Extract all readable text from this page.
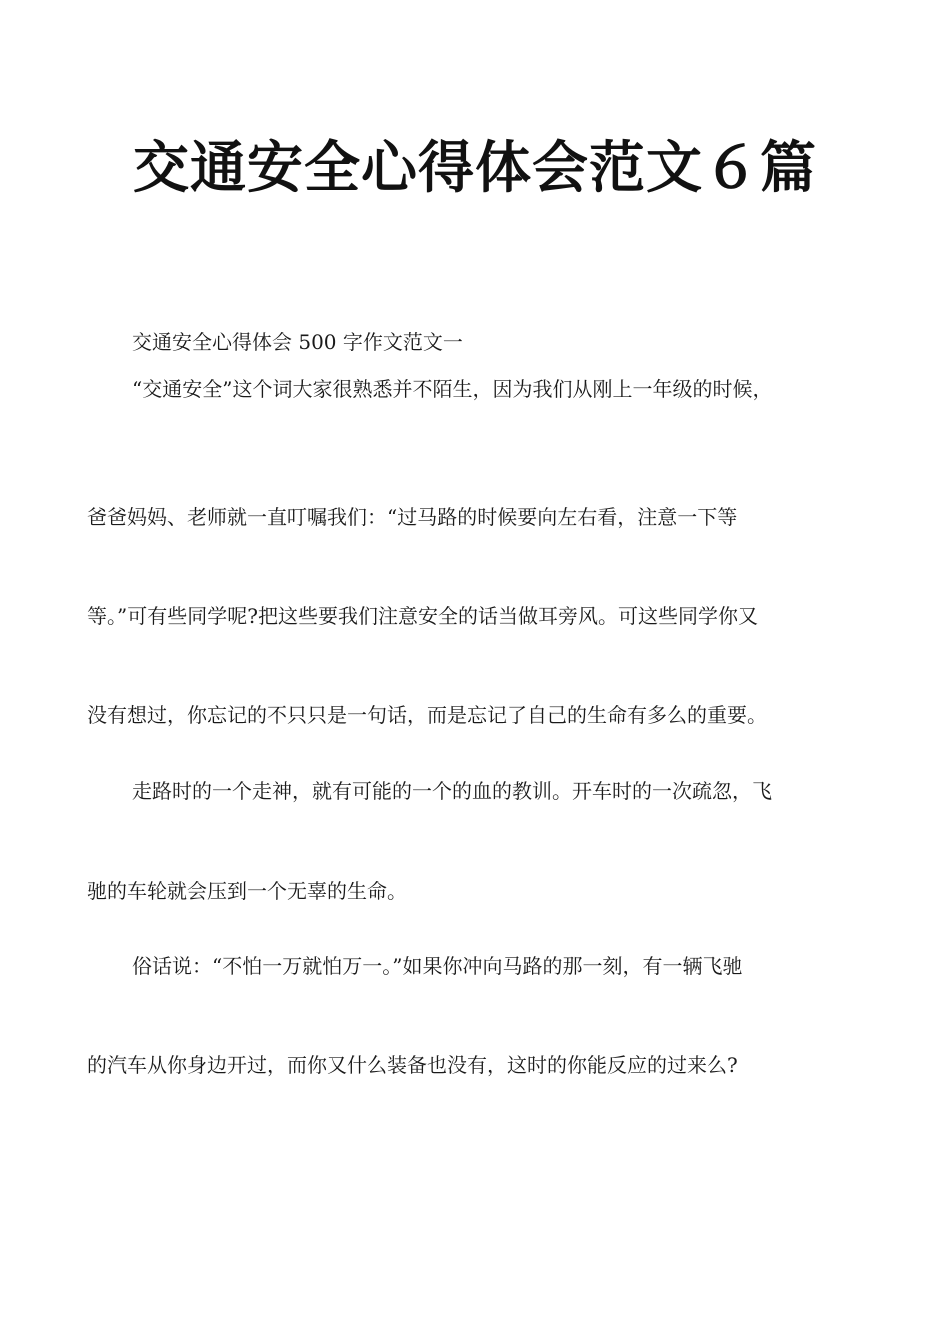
交通安全心得体会范文６篇
交通安全心得体会 500 字作文范文一
“交通安全”这个词大家很熟悉并不陌生，因为我们从刚上一年级的时候，
爸爸妈妈、老师就一直叮嘱我们：“过马路的时候要向左右看，注意一下等
等。”可有些同学呢?把这些要我们注意安全的话当做耳旁风。可这些同学你又
没有想过，你忘记的不只只是一句话，而是忘记了自己的生命有多么的重要。
走路时的一个走神，就有可能的一个的血的教训。开车时的一次疏忽，飞
驰的车轮就会压到一个无辜的生命。
俗话说：“不怕一万就怕万一。”如果你冲向马路的那一刻，有一辆飞驰
的汽车从你身边开过，而你又什么装备也没有，这时的你能反应的过来么?
